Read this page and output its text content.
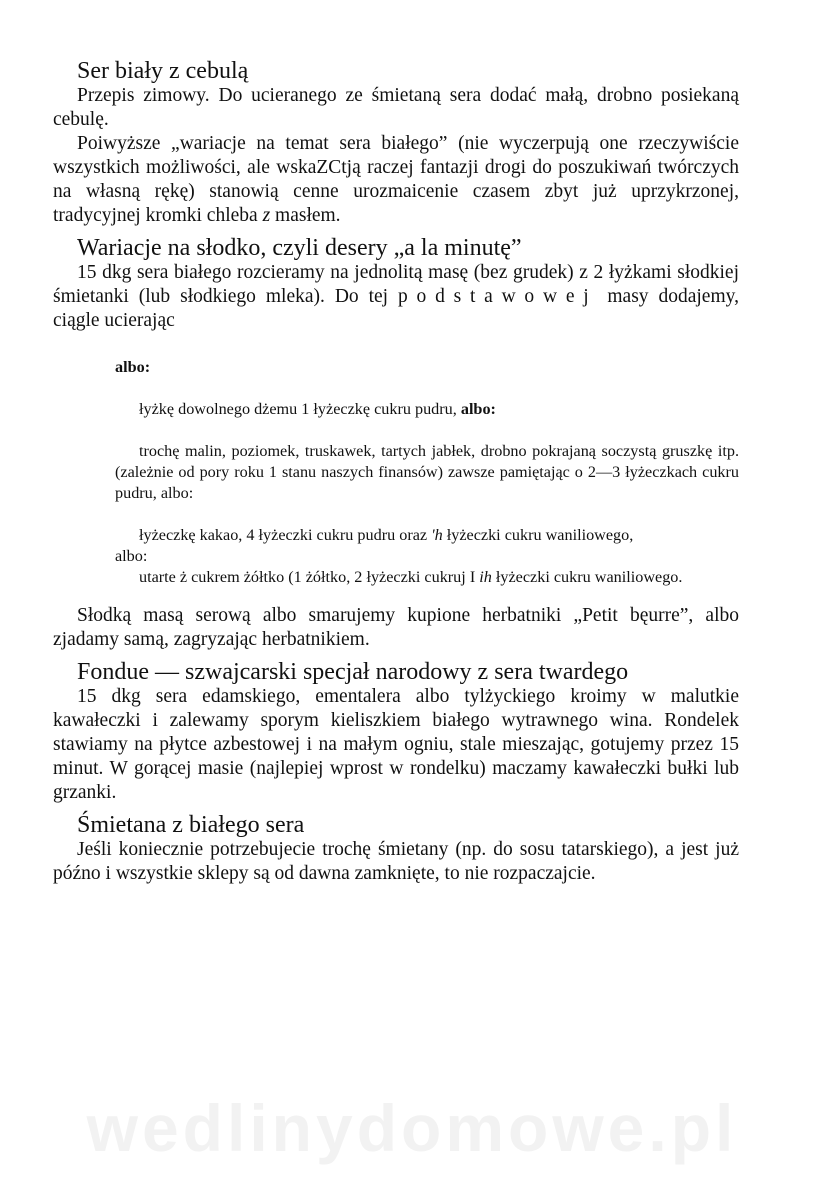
Ser biały z cebulą

Przepis zimowy. Do ucieranego ze śmietaną sera dodać małą, drobno posiekaną cebulę.

Poiwyższe „wariacje na temat sera białego” (nie wyczerpują one rzeczywiście wszystkich możliwości, ale wskaZCtją raczej fantazji drogi do poszukiwań twórczych na własną rękę) stanowią cenne urozmaicenie czasem zbyt już uprzykrzonej, tradycyjnej kromki chleba z masłem.

Wariacje na słodko, czyli desery „a la minutę”

15 dkg sera białego rozcieramy na jednolitą masę (bez grudek) z 2 łyżkami słodkiej śmietanki (lub słodkiego mleka). Do tej podstawowej masy dodajemy, ciągle ucierając

albo:

łyżkę dowolnego dżemu 1 łyżeczkę cukru pudru, albo:

trochę malin, poziomek, truskawek, tartych jabłek, drobno pokrajaną soczystą gruszkę itp. (zależnie od pory roku 1 stanu naszych finansów) zawsze pamiętając o 2—3 łyżeczkach cukru pudru, albo:

łyżeczkę kakao, 4 łyżeczki cukru pudru oraz 'h łyżeczki cukru waniliowego,

albo:

utarte ż cukrem żółtko (1 żółtko, 2 łyżeczki cukruj I ih łyżeczki cukru waniliowego.

Słodką masą serową albo smarujemy kupione herbatniki „Petit bęurre”, albo zjadamy samą, zagryzając herbatnikiem.

Fondue — szwajcarski specjał narodowy z sera twardego

15 dkg sera edamskiego, ementalera albo tylżyckiego kroimy w malutkie kawałeczki i zalewamy sporym kieliszkiem białego wytrawnego wina. Rondelek stawiamy na płytce azbestowej i na małym ogniu, stale mieszając, gotujemy przez 15 minut. W gorącej masie (najlepiej wprost w rondelku) maczamy kawałeczki bułki lub grzanki.

Śmietana z białego sera

Jeśli koniecznie potrzebujecie trochę śmietany (np. do sosu tatarskiego), a jest już późno i wszystkie sklepy są od dawna zamknięte, to nie rozpaczajcie.

wedlinydomowe.pl
